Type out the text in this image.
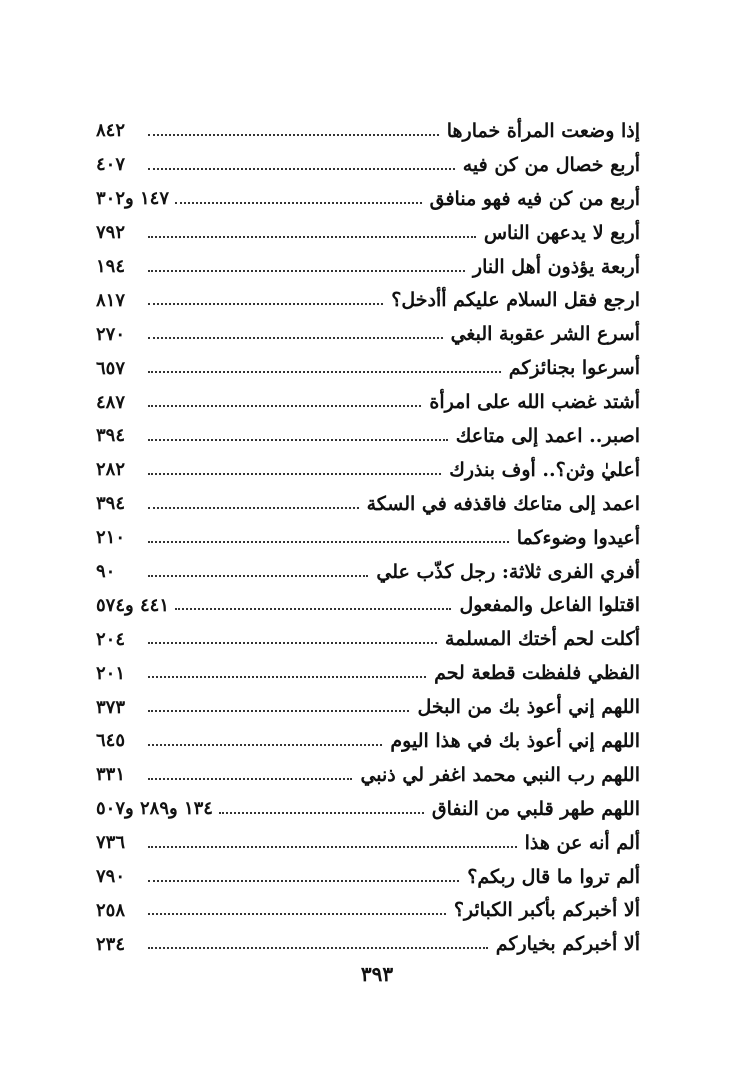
إذا وضعت المرأة خمارها
٨٤٢
أربع خصال من كن فيه
٤٠٧
أربع من كن فيه فهو منافق
١٤٧ و٣٠٢
أربع لا يدعهن الناس
٧٩٢
أربعة يؤذون أهل النار
١٩٤
ارجع فقل السلام عليكم أأدخل؟
٨١٧
أسرع الشر عقوبة البغي
٢٧٠
أسرعوا بجنائزكم
٦٥٧
أشتد غضب الله على امرأة
٤٨٧
اصبر.. اعمد إلى متاعك
٣٩٤
أعليٰ وثن؟.. أوف بنذرك
٢٨٢
اعمد إلى متاعك فاقذفه في السكة
٣٩٤
أعيدوا وضوءكما
٢١٠
أفري الفرى ثلاثة: رجل كذّب علي
٩٠
اقتلوا الفاعل والمفعول
٤٤١ و٥٧٤
أكلت لحم أختك المسلمة
٢٠٤
الفظي فلفظت قطعة لحم
٢٠١
اللهم إني أعوذ بك من البخل
٣٧٣
اللهم إني أعوذ بك في هذا اليوم
٦٤٥
اللهم رب النبي محمد اغفر لي ذنبي
٣٣١
اللهم طهر قلبي من النفاق
١٣٤ و٢٨٩ و٥٠٧
ألم أنه عن هذا
٧٣٦
ألم تروا ما قال ربكم؟
٧٩٠
ألا أخبركم بأكبر الكبائر؟
٢٥٨
ألا أخبركم بخياركم
٢٣٤
٣٩٣
